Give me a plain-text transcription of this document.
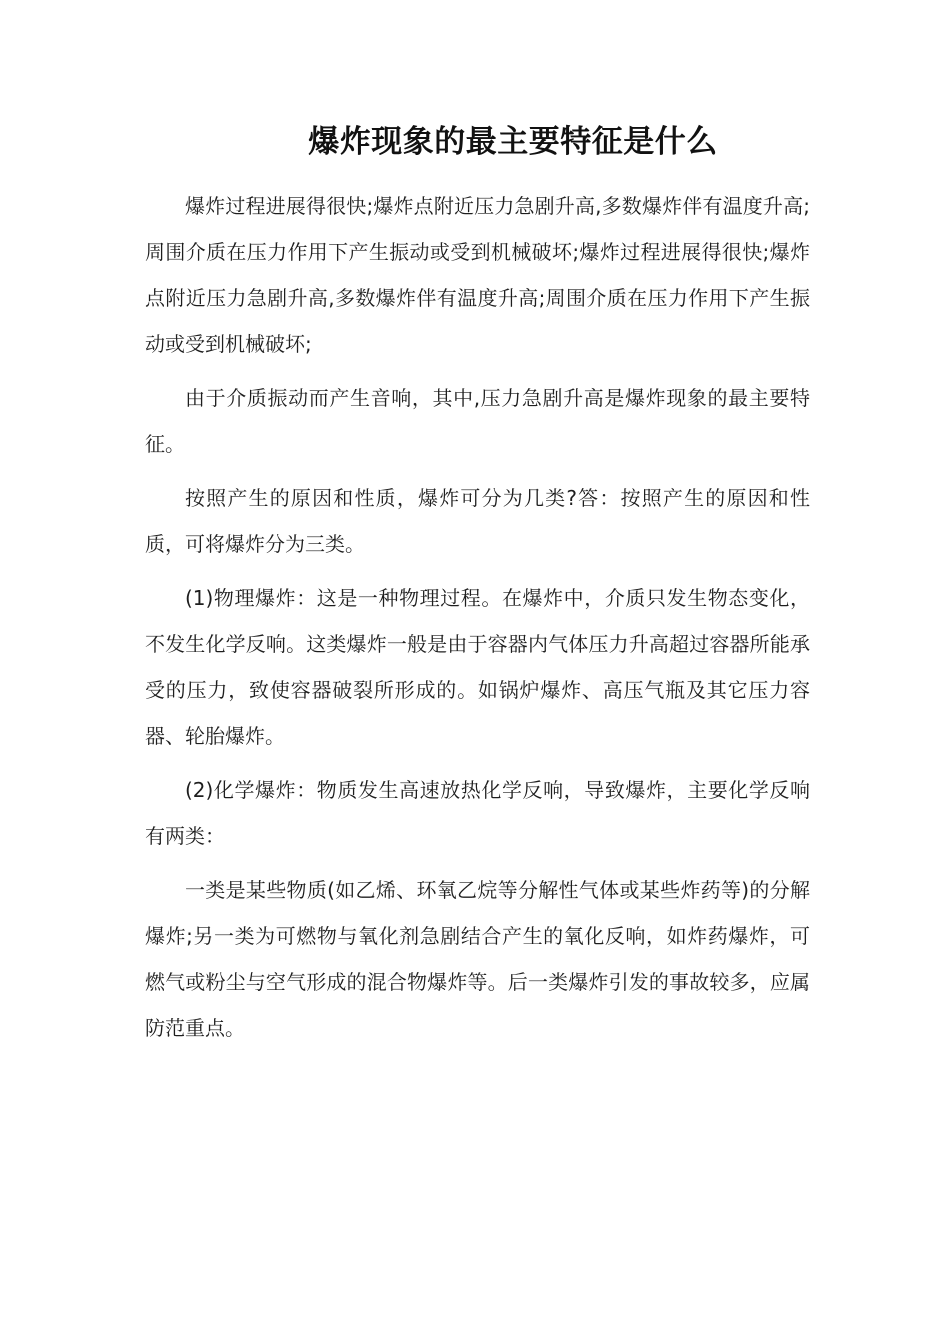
爆炸现象的最主要特征是什么

爆炸过程进展得很快;爆炸点附近压力急剧升高,多数爆炸伴有温度升高;周围介质在压力作用下产生振动或受到机械破坏;爆炸过程进展得很快;爆炸点附近压力急剧升高,多数爆炸伴有温度升高;周围介质在压力作用下产生振动或受到机械破坏;

由于介质振动而产生音响，其中,压力急剧升高是爆炸现象的最主要特征。

按照产生的原因和性质，爆炸可分为几类?答：按照产生的原因和性质，可将爆炸分为三类。

(1)物理爆炸：这是一种物理过程。在爆炸中，介质只发生物态变化，不发生化学反响。这类爆炸一般是由于容器内气体压力升高超过容器所能承受的压力，致使容器破裂所形成的。如锅炉爆炸、高压气瓶及其它压力容器、轮胎爆炸。

(2)化学爆炸：物质发生高速放热化学反响，导致爆炸，主要化学反响有两类：

一类是某些物质(如乙烯、环氧乙烷等分解性气体或某些炸药等)的分解爆炸;另一类为可燃物与氧化剂急剧结合产生的氧化反响，如炸药爆炸，可燃气或粉尘与空气形成的混合物爆炸等。后一类爆炸引发的事故较多，应属防范重点。
